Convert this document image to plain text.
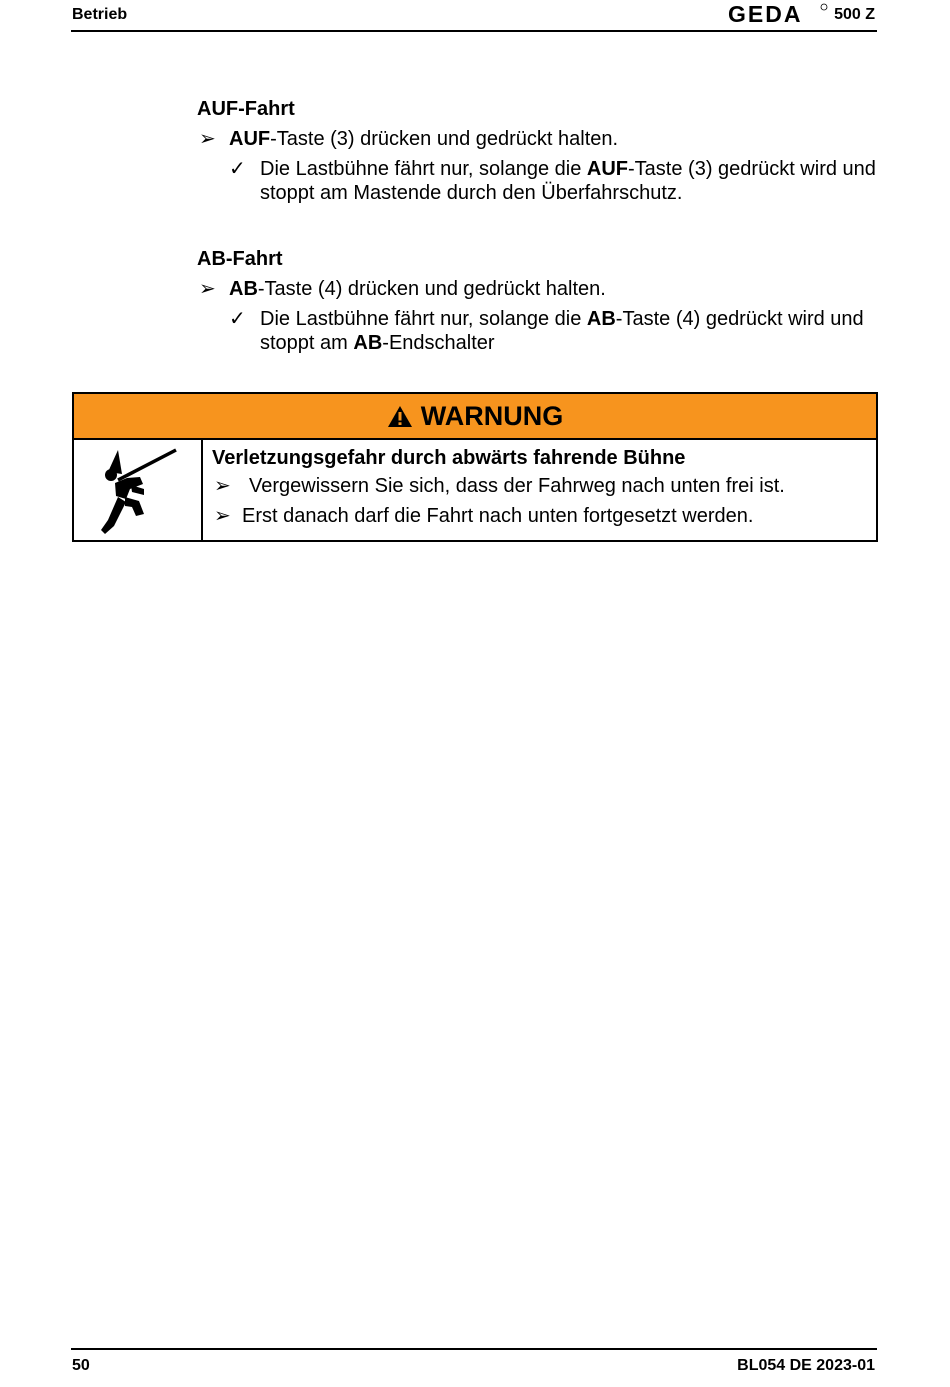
Betrieb	GEDA 500 Z

AUF-Fahrt

➢ AUF-Taste (3) drücken und gedrückt halten.
✓ Die Lastbühne fährt nur, solange die AUF-Taste (3) gedrückt wird und stoppt am Mastende durch den Überfahrschutz.

AB-Fahrt

➢ AB-Taste (4) drücken und gedrückt halten.
✓ Die Lastbühne fährt nur, solange die AB-Taste (4) gedrückt wird und stoppt am AB-Endschalter
WARNUNG
Verletzungsgefahr durch abwärts fahrende Bühne
➢ Vergewissern Sie sich, dass der Fahrweg nach unten frei ist.
➢ Erst danach darf die Fahrt nach unten fortgesetzt werden.
50	BL054 DE 2023-01
